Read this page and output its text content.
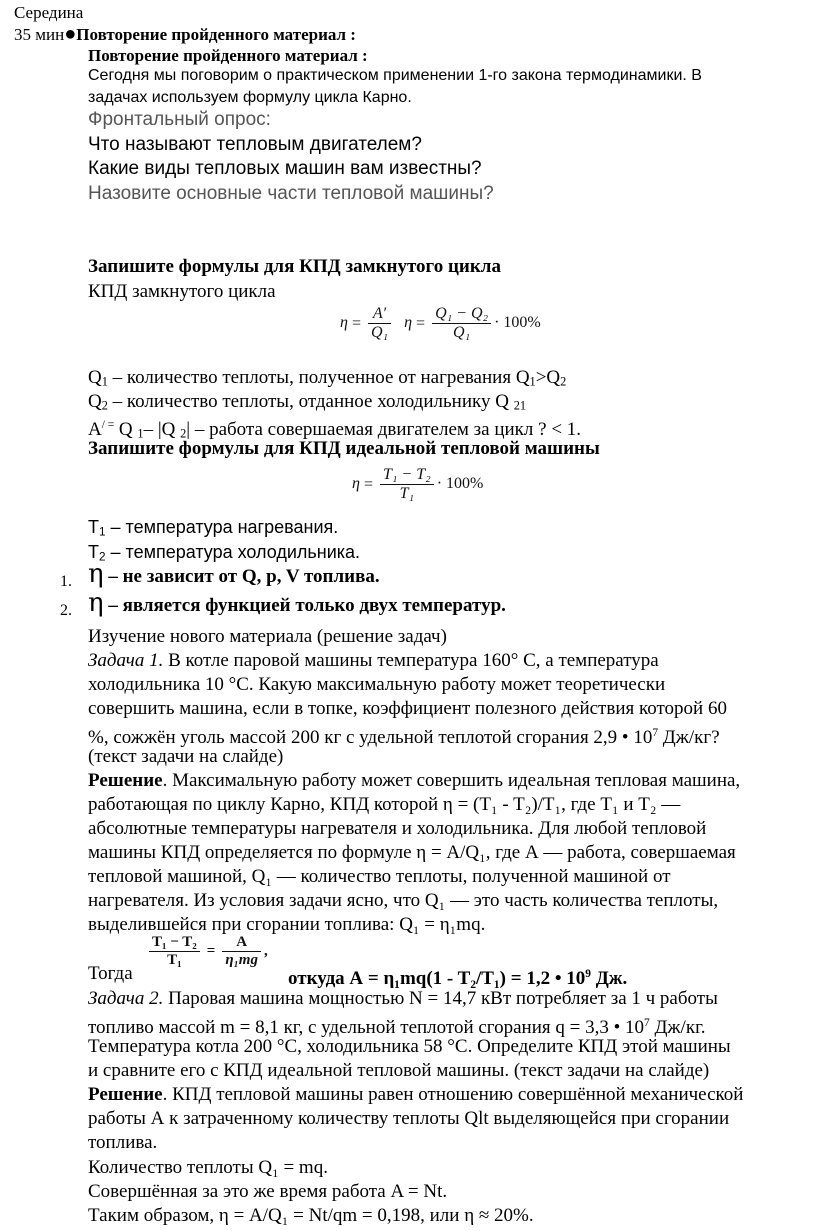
Середина
35 мин●Повторение пройденного материал :
Повторение пройденного материал :
Сегодня мы поговорим о практическом применении 1-го закона термодинамики. В
задачах используем формулу цикла Карно.
Фронтальный опрос:
Что называют тепловым двигателем?
Какие виды тепловых машин вам известны?
Назовите основные части тепловой машины?
Запишите формулы для КПД замкнутого цикла
КПД замкнутого цикла
$\eta = \frac{A'}{\text{Q₁}}$ $\eta = \frac{\text{Q₁ − Q₂}}{\text{Q₁}} \cdot 100\%$
$Q_1$ – количество теплоты, полученное от нагревания $Q_1>Q_2$
$Q_2$ – количество теплоты, отданное холодильнику Q $_{21}$
A/ = Q $_1$– |Q $_2$| – работа совершаемая двигателем за цикл ? < 1.
Запишите формулы для КПД идеальной тепловой машины
$\eta = \frac{\text{T₁ − T₂}}{\text{T₁}} \cdot 100\%$
$T_1$ – температура нагревания.
$T_2$ – температура холодильника.
1. η – не зависит от Q, p, V топлива.
2. η – является функцией только двух температур.
Изучение нового материала (решение задач)
Задача 1. В котле паровой машины температура 160° С, а температура
холодильника 10 °С. Какую максимальную работу может теоретически
совершить машина, если в топке, коэффициент полезного действия которой 60
%, сожжён уголь массой 200 кг с удельной теплотой сгорания 2,9 • $10^7$ Дж/кг?
(текст задачи на слайде)
Решение. Максимальную работу может совершить идеальная тепловая машина,
работающая по циклу Карно, КПД которой η = (T₁ - T₂)/T₁, где T₁ и T₂ —
абсолютные температуры нагревателя и холодильника. Для любой тепловой
машины КПД определяется по формуле η = A/Q₁, где А — работа, совершаемая
тепловой машиной, Q₁ — количество теплоты, полученной машиной от
нагревателя. Из условия задачи ясно, что Q₁ — это часть количества теплоты,
выделившейся при сгорании топлива: Q₁ = η₁mq.
Тогда
$\frac{\text{T₁ − T₂}}{\text{T₁}} = \frac{A}{\text{η₁mg}}$ ,
откуда А = η₁mq(1 - T₂/T₁) = 1,2 • $10^9$ Дж.
Задача 2. Паровая машина мощностью N = 14,7 кВт потребляет за 1 ч работы
топливо массой m = 8,1 кг, с удельной теплотой сгорания q = 3,3 • $10^7$ Дж/кг.
Температура котла 200 °С, холодильника 58 °С. Определите КПД этой машины
и сравните его с КПД идеальной тепловой машины. (текст задачи на слайде)
Решение. КПД тепловой машины равен отношению совершённой механической
работы А к затраченному количеству теплоты Qlt выделяющейся при сгорании
топлива.
Количество теплоты Q₁ = mq.
Совершённая за это же время работа A = Nt.
Таким образом, η = A/Q₁ = Nt/qm = 0,198, или η ≈ 20%.
